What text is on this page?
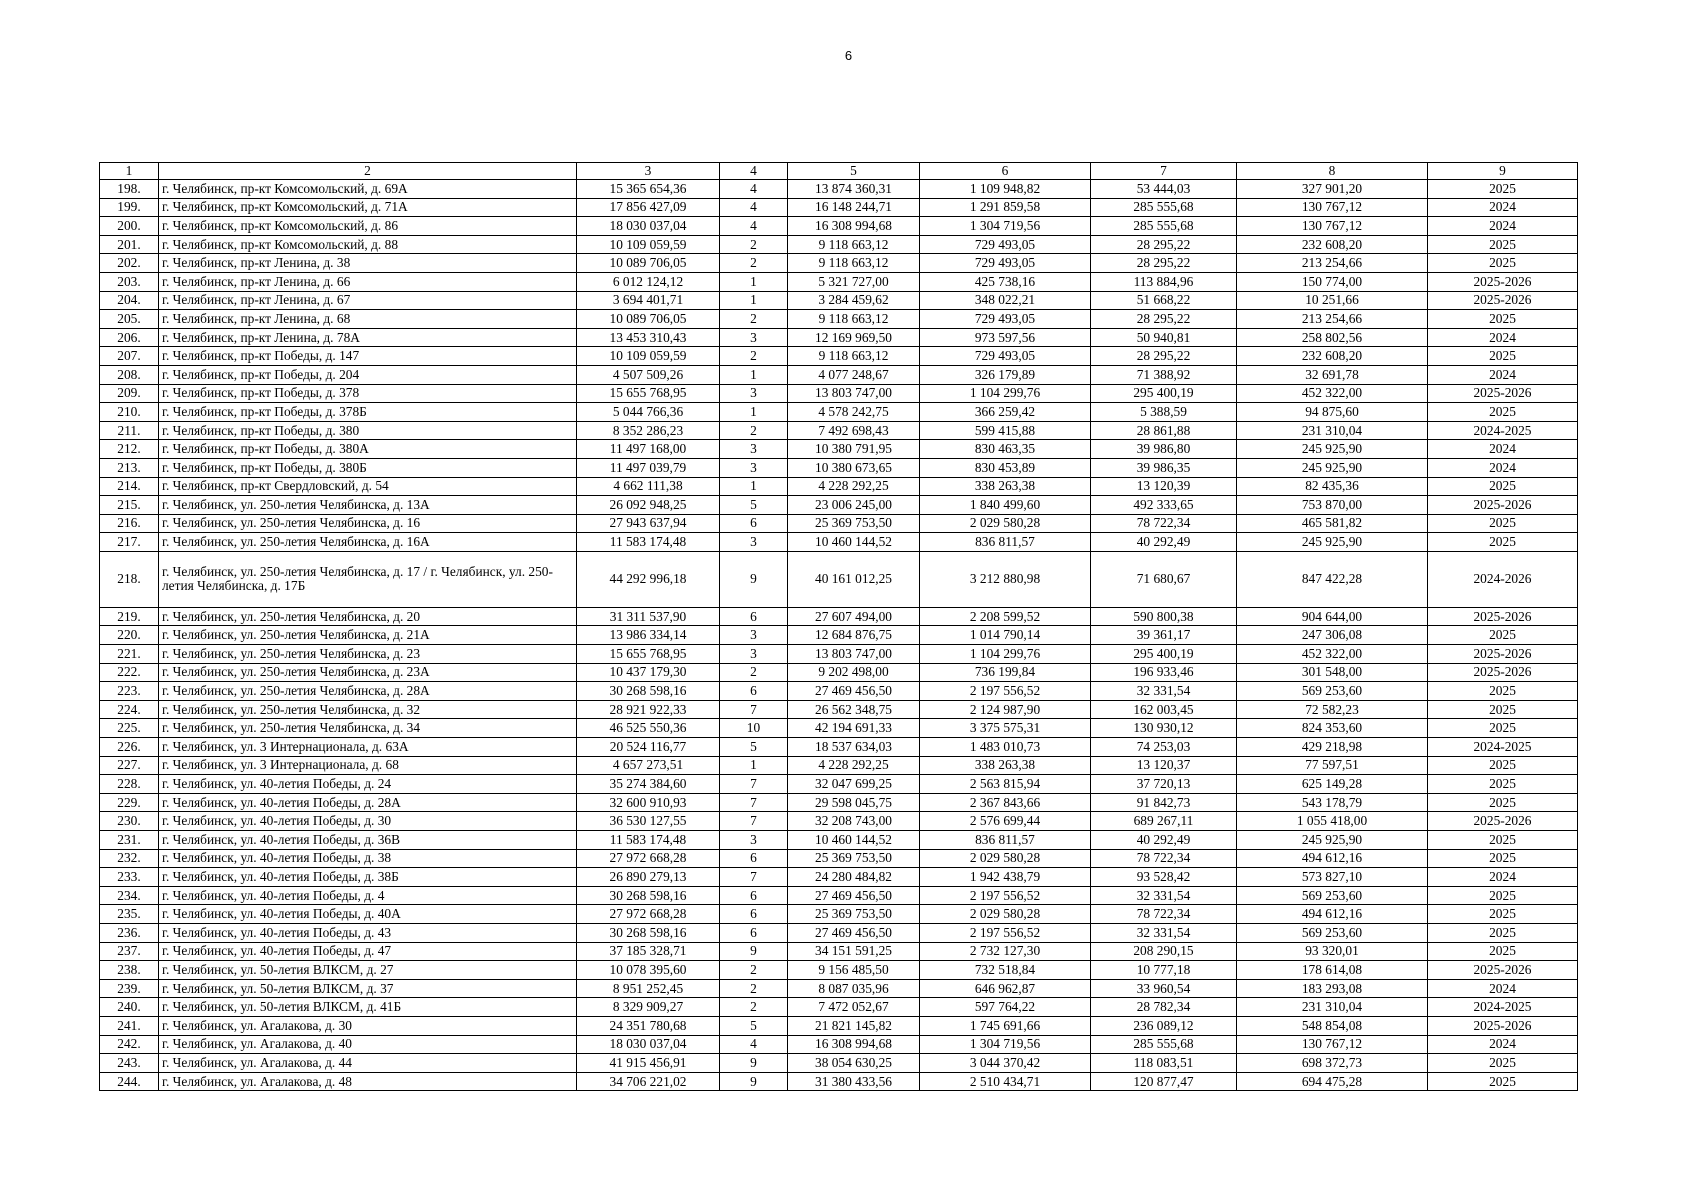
6
1	2	3	4	5	6	7	8	9
198.	г. Челябинск, пр-кт Комсомольский, д. 69А	15 365 654,36	4	13 874 360,31	1 109 948,82	53 444,03	327 901,20	2025
199.	г. Челябинск, пр-кт Комсомольский, д. 71А	17 856 427,09	4	16 148 244,71	1 291 859,58	285 555,68	130 767,12	2024
200.	г. Челябинск, пр-кт Комсомольский, д. 86	18 030 037,04	4	16 308 994,68	1 304 719,56	285 555,68	130 767,12	2024
201.	г. Челябинск, пр-кт Комсомольский, д. 88	10 109 059,59	2	9 118 663,12	729 493,05	28 295,22	232 608,20	2025
202.	г. Челябинск, пр-кт Ленина, д. 38	10 089 706,05	2	9 118 663,12	729 493,05	28 295,22	213 254,66	2025
203.	г. Челябинск, пр-кт Ленина, д. 66	6 012 124,12	1	5 321 727,00	425 738,16	113 884,96	150 774,00	2025-2026
204.	г. Челябинск, пр-кт Ленина, д. 67	3 694 401,71	1	3 284 459,62	348 022,21	51 668,22	10 251,66	2025-2026
205.	г. Челябинск, пр-кт Ленина, д. 68	10 089 706,05	2	9 118 663,12	729 493,05	28 295,22	213 254,66	2025
206.	г. Челябинск, пр-кт Ленина, д. 78А	13 453 310,43	3	12 169 969,50	973 597,56	50 940,81	258 802,56	2024
207.	г. Челябинск, пр-кт Победы, д. 147	10 109 059,59	2	9 118 663,12	729 493,05	28 295,22	232 608,20	2025
208.	г. Челябинск, пр-кт Победы, д. 204	4 507 509,26	1	4 077 248,67	326 179,89	71 388,92	32 691,78	2024
209.	г. Челябинск, пр-кт Победы, д. 378	15 655 768,95	3	13 803 747,00	1 104 299,76	295 400,19	452 322,00	2025-2026
210.	г. Челябинск, пр-кт Победы, д. 378Б	5 044 766,36	1	4 578 242,75	366 259,42	5 388,59	94 875,60	2025
211.	г. Челябинск, пр-кт Победы, д. 380	8 352 286,23	2	7 492 698,43	599 415,88	28 861,88	231 310,04	2024-2025
212.	г. Челябинск, пр-кт Победы, д. 380А	11 497 168,00	3	10 380 791,95	830 463,35	39 986,80	245 925,90	2024
213.	г. Челябинск, пр-кт Победы, д. 380Б	11 497 039,79	3	10 380 673,65	830 453,89	39 986,35	245 925,90	2024
214.	г. Челябинск, пр-кт Свердловский, д. 54	4 662 111,38	1	4 228 292,25	338 263,38	13 120,39	82 435,36	2025
215.	г. Челябинск, ул. 250-летия Челябинска, д. 13А	26 092 948,25	5	23 006 245,00	1 840 499,60	492 333,65	753 870,00	2025-2026
216.	г. Челябинск, ул. 250-летия Челябинска, д. 16	27 943 637,94	6	25 369 753,50	2 029 580,28	78 722,34	465 581,82	2025
217.	г. Челябинск, ул. 250-летия Челябинска, д. 16А	11 583 174,48	3	10 460 144,52	836 811,57	40 292,49	245 925,90	2025
218.	г. Челябинск, ул. 250-летия Челябинска, д. 17 / г. Челябинск, ул. 250-летия Челябинска, д. 17Б	44 292 996,18	9	40 161 012,25	3 212 880,98	71 680,67	847 422,28	2024-2026
219.	г. Челябинск, ул. 250-летия Челябинска, д. 20	31 311 537,90	6	27 607 494,00	2 208 599,52	590 800,38	904 644,00	2025-2026
220.	г. Челябинск, ул. 250-летия Челябинска, д. 21А	13 986 334,14	3	12 684 876,75	1 014 790,14	39 361,17	247 306,08	2025
221.	г. Челябинск, ул. 250-летия Челябинска, д. 23	15 655 768,95	3	13 803 747,00	1 104 299,76	295 400,19	452 322,00	2025-2026
222.	г. Челябинск, ул. 250-летия Челябинска, д. 23А	10 437 179,30	2	9 202 498,00	736 199,84	196 933,46	301 548,00	2025-2026
223.	г. Челябинск, ул. 250-летия Челябинска, д. 28А	30 268 598,16	6	27 469 456,50	2 197 556,52	32 331,54	569 253,60	2025
224.	г. Челябинск, ул. 250-летия Челябинска, д. 32	28 921 922,33	7	26 562 348,75	2 124 987,90	162 003,45	72 582,23	2025
225.	г. Челябинск, ул. 250-летия Челябинска, д. 34	46 525 550,36	10	42 194 691,33	3 375 575,31	130 930,12	824 353,60	2025
226.	г. Челябинск, ул. 3 Интернационала, д. 63А	20 524 116,77	5	18 537 634,03	1 483 010,73	74 253,03	429 218,98	2024-2025
227.	г. Челябинск, ул. 3 Интернационала, д. 68	4 657 273,51	1	4 228 292,25	338 263,38	13 120,37	77 597,51	2025
228.	г. Челябинск, ул. 40-летия Победы, д. 24	35 274 384,60	7	32 047 699,25	2 563 815,94	37 720,13	625 149,28	2025
229.	г. Челябинск, ул. 40-летия Победы, д. 28А	32 600 910,93	7	29 598 045,75	2 367 843,66	91 842,73	543 178,79	2025
230.	г. Челябинск, ул. 40-летия Победы, д. 30	36 530 127,55	7	32 208 743,00	2 576 699,44	689 267,11	1 055 418,00	2025-2026
231.	г. Челябинск, ул. 40-летия Победы, д. 36В	11 583 174,48	3	10 460 144,52	836 811,57	40 292,49	245 925,90	2025
232.	г. Челябинск, ул. 40-летия Победы, д. 38	27 972 668,28	6	25 369 753,50	2 029 580,28	78 722,34	494 612,16	2025
233.	г. Челябинск, ул. 40-летия Победы, д. 38Б	26 890 279,13	7	24 280 484,82	1 942 438,79	93 528,42	573 827,10	2024
234.	г. Челябинск, ул. 40-летия Победы, д. 4	30 268 598,16	6	27 469 456,50	2 197 556,52	32 331,54	569 253,60	2025
235.	г. Челябинск, ул. 40-летия Победы, д. 40А	27 972 668,28	6	25 369 753,50	2 029 580,28	78 722,34	494 612,16	2025
236.	г. Челябинск, ул. 40-летия Победы, д. 43	30 268 598,16	6	27 469 456,50	2 197 556,52	32 331,54	569 253,60	2025
237.	г. Челябинск, ул. 40-летия Победы, д. 47	37 185 328,71	9	34 151 591,25	2 732 127,30	208 290,15	93 320,01	2025
238.	г. Челябинск, ул. 50-летия ВЛКСМ, д. 27	10 078 395,60	2	9 156 485,50	732 518,84	10 777,18	178 614,08	2025-2026
239.	г. Челябинск, ул. 50-летия ВЛКСМ, д. 37	8 951 252,45	2	8 087 035,96	646 962,87	33 960,54	183 293,08	2024
240.	г. Челябинск, ул. 50-летия ВЛКСМ, д. 41Б	8 329 909,27	2	7 472 052,67	597 764,22	28 782,34	231 310,04	2024-2025
241.	г. Челябинск, ул. Агалакова, д. 30	24 351 780,68	5	21 821 145,82	1 745 691,66	236 089,12	548 854,08	2025-2026
242.	г. Челябинск, ул. Агалакова, д. 40	18 030 037,04	4	16 308 994,68	1 304 719,56	285 555,68	130 767,12	2024
243.	г. Челябинск, ул. Агалакова, д. 44	41 915 456,91	9	38 054 630,25	3 044 370,42	118 083,51	698 372,73	2025
244.	г. Челябинск, ул. Агалакова, д. 48	34 706 221,02	9	31 380 433,56	2 510 434,71	120 877,47	694 475,28	2025
